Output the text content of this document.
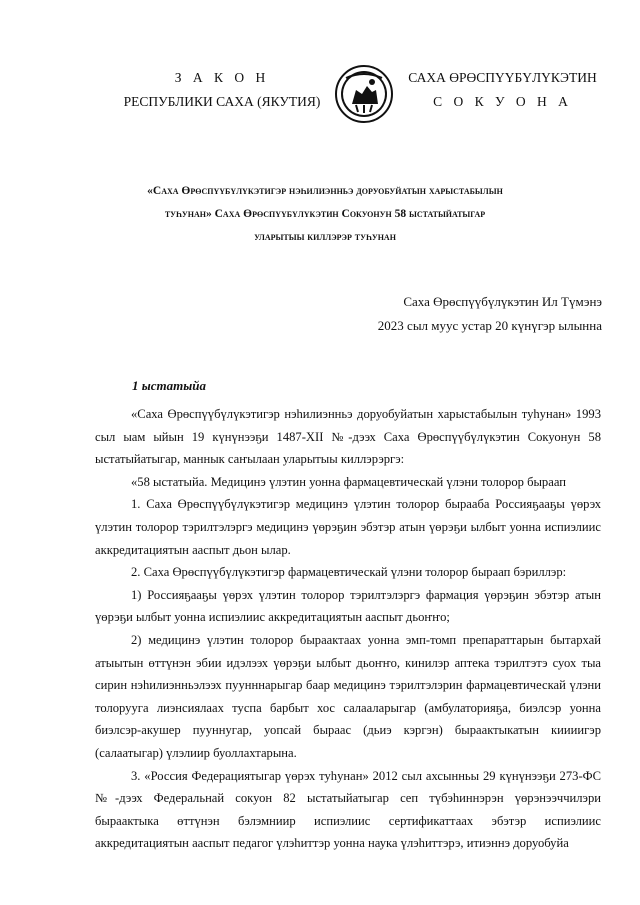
З А К О Н
РЕСПУБЛИКИ САХА (ЯКУТИЯ)
САХА ӨРӨСПҮҮБҮЛҮКЭТИН
С О К У О Н А
«Саха Өрөспүүбүлүкэтигэр нэһилиэнньэ доруобуйатын харыстабылын
туһунан» Саха Өрөспүүбүлүкэтин Сокуонун 58 ыстатыйатыгар
уларытыы киллэрэр туһунан
Саха Өрөспүүбүлүкэтин Ил Түмэнэ
2023 сыл муус устар 20 күнүгэр ылынна
1 ыстатыйа

«Саха Өрөспүүбүлүкэтигэр нэһилиэнньэ доруобуйатын харыстабылын туһунан» 1993 сыл ыам ыйын 19 күнүнээҕи 1487-XII №-дээх Саха Өрөспүүбүлүкэтин Сокуонун 58 ыстатыйатыгар, маннык саҥылаан уларытыы киллэрэргэ:

«58 ыстатыйа. Медицинэ үлэтин уонна фармацевтическай үлэни толорор быраап

1. Саха Өрөспүүбүлүкэтигэр медицинэ үлэтин толорор бырааба Россияҕааҕы үөрэх үлэтин толорор тэрилтэлэргэ медицинэ үөрэҕин эбэтэр атын үөрэҕи ылбыт уонна испиэлиис аккредитациятын ааспыт дьон ылар.

2. Саха Өрөспүүбүлүкэтигэр фармацевтическай үлэни толорор быраап бэриллэр:

1) Россияҕааҕы үөрэх үлэтин толорор тэрилтэлэргэ фармация үөрэҕин эбэтэр атын үөрэҕи ылбыт уонна испиэлиис аккредитациятын ааспыт дьоҥҥо;

2) медицинэ үлэтин толорор быраактаах уонна эмп-томп препараттарын бытархай атыытын өттүнэн эбии идэлээх үөрэҕи ылбыт дьоҥҥо, кинилэр аптека тэрилтэтэ суох тыа сирин нэһилиэнньэлээх пуунннарыгар баар медицинэ тэрилтэлэрин фармацевтическай үлэни толорууга лиэнсиялаах туспа барбыт хос салааларыгар (амбулаторияҕа, биэлсэр уонна биэлсэр-акушер пууннугар, уопсай быраас (дьиэ кэргэн) быраактыкатын киииигэр (салаатыгар) үлэлиир буоллахтарына.

3. «Россия Федерациятыгар үөрэх туһунан» 2012 сыл ахсынньы 29 күнүнээҕи 273-ФС №-дээх Федеральнай сокуон 82 ыстатыйатыгар сеп түбэһиннэрэн үөрэнээччилэри быраактыка өттүнэн бэлэмниир испиэлиис сертификаттаах эбэтэр испиэлиис аккредитациятын ааспыт педагог үлэһиттэр уонна наука үлэһиттэрэ, итиэннэ доруобуйа
